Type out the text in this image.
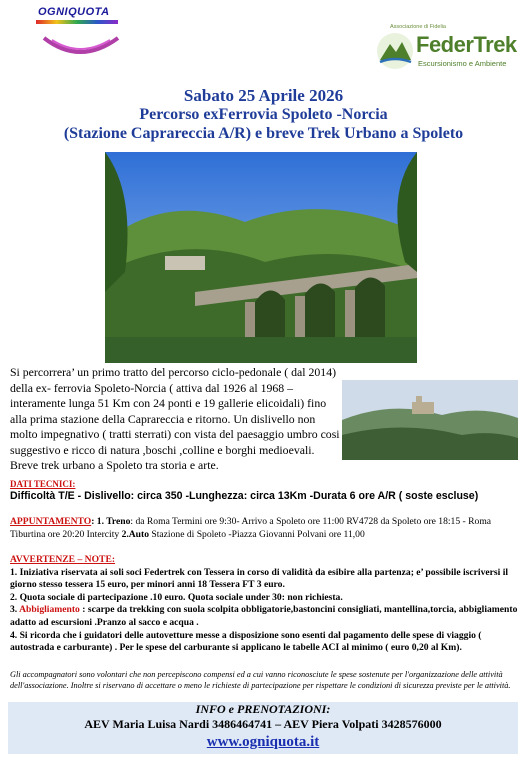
OGNIQUOTA
Associazione di Fidelia
FederTrek
Escursionismo e Ambiente
Sabato 25 Aprile 2026
Percorso exFerrovia Spoleto -Norcia
(Stazione Caprareccia A/R) e breve Trek Urbano a Spoleto
Si percorrera’ un primo tratto del percorso ciclo-pedonale ( dal 2014) della ex- ferrovia Spoleto-Norcia ( attiva dal 1926 al 1968 – interamente lunga 51 Km con 24 ponti e 19 gallerie elicoidali) fino alla prima stazione della Caprareccia e ritorno. Un dislivello non molto impegnativo ( tratti sterrati) con vista del paesaggio umbro cosi suggestivo e ricco di natura ,boschi ,colline e borghi medioevali. Breve trek urbano a Spoleto tra storia e arte.
DATI TECNICI:
Difficoltà T/E - Dislivello: circa 350 -Lunghezza: circa 13Km -Durata 6 ore A/R ( soste escluse)
APPUNTAMENTO: 1. Treno: da Roma Termini ore 9:30- Arrivo a Spoleto ore 11:00 RV4728 da Spoleto ore 18:15 - Roma Tiburtina ore 20:20 Intercity 2.Auto Stazione di Spoleto -Piazza Giovanni Polvani ore 11,00
AVVERTENZE – NOTE:
1. Iniziativa riservata ai soli soci Federtrek con Tessera in corso di validità da esibire alla partenza; e’ possibile iscriversi il giorno stesso tessera 15 euro, per minori anni 18 Tessera FT 3 euro.
2. Quota sociale di partecipazione .10 euro. Quota sociale under 30: non richiesta.
3. Abbigliamento : scarpe da trekking con suola scolpita obbligatorie,bastoncini consigliati, mantellina,torcia, abbigliamento adatto ad escursioni .Pranzo al sacco e acqua .
4. Si ricorda che i guidatori delle autovetture messe a disposizione sono esenti dal pagamento delle spese di viaggio ( autostrada e carburante) . Per le spese del carburante si applicano le tabelle ACI al minimo ( euro 0,20 al Km).
Gli accompagnatori sono volontari che non percepiscono compensi ed a cui vanno riconosciute le spese sostenute per l'organizzazione delle attività dell'associazione. Inoltre si riservano di accettare o meno le richieste di partecipazione per rispettare le condizioni di sicurezza previste per le attività.
INFO e PRENOTAZIONI:
AEV Maria Luisa Nardi 3486464741 – AEV Piera Volpati 3428576000
www.ogniquota.it
